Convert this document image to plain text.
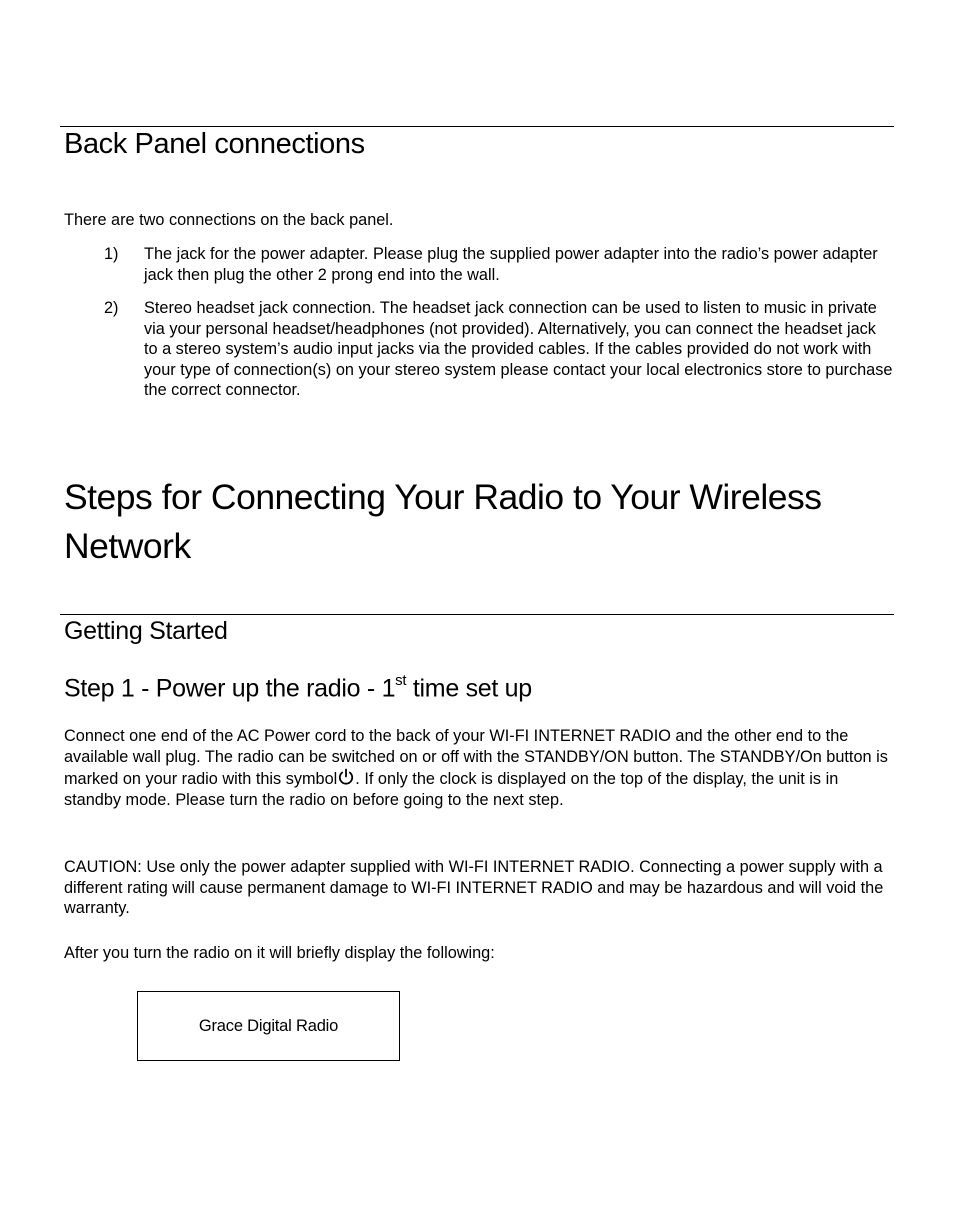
Back Panel connections
There are two connections on the back panel.
1) The jack for the power adapter. Please plug the supplied power adapter into the radio’s power adapter jack then plug the other 2 prong end into the wall.
2) Stereo headset jack connection. The headset jack connection can be used to listen to music in private via your personal headset/headphones (not provided). Alternatively, you can connect the headset jack to a stereo system’s audio input jacks via the provided cables. If the cables provided do not work with your type of connection(s) on your stereo system please contact your local electronics store to purchase the correct connector.
Steps for Connecting Your Radio to Your Wireless Network
Getting Started
Step 1 - Power up the radio - 1st time set up
Connect one end of the AC Power cord to the back of your WI-FI INTERNET RADIO and the other end to the available wall plug. The radio can be switched on or off with the STANDBY/ON button. The STANDBY/On button is marked on your radio with this symbol . If only the clock is displayed on the top of the display, the unit is in standby mode. Please turn the radio on before going to the next step.
CAUTION: Use only the power adapter supplied with WI-FI INTERNET RADIO. Connecting a power supply with a different rating will cause permanent damage to WI-FI INTERNET RADIO and may be hazardous and will void the warranty.
After you turn the radio on it will briefly display the following:
Grace Digital Radio
